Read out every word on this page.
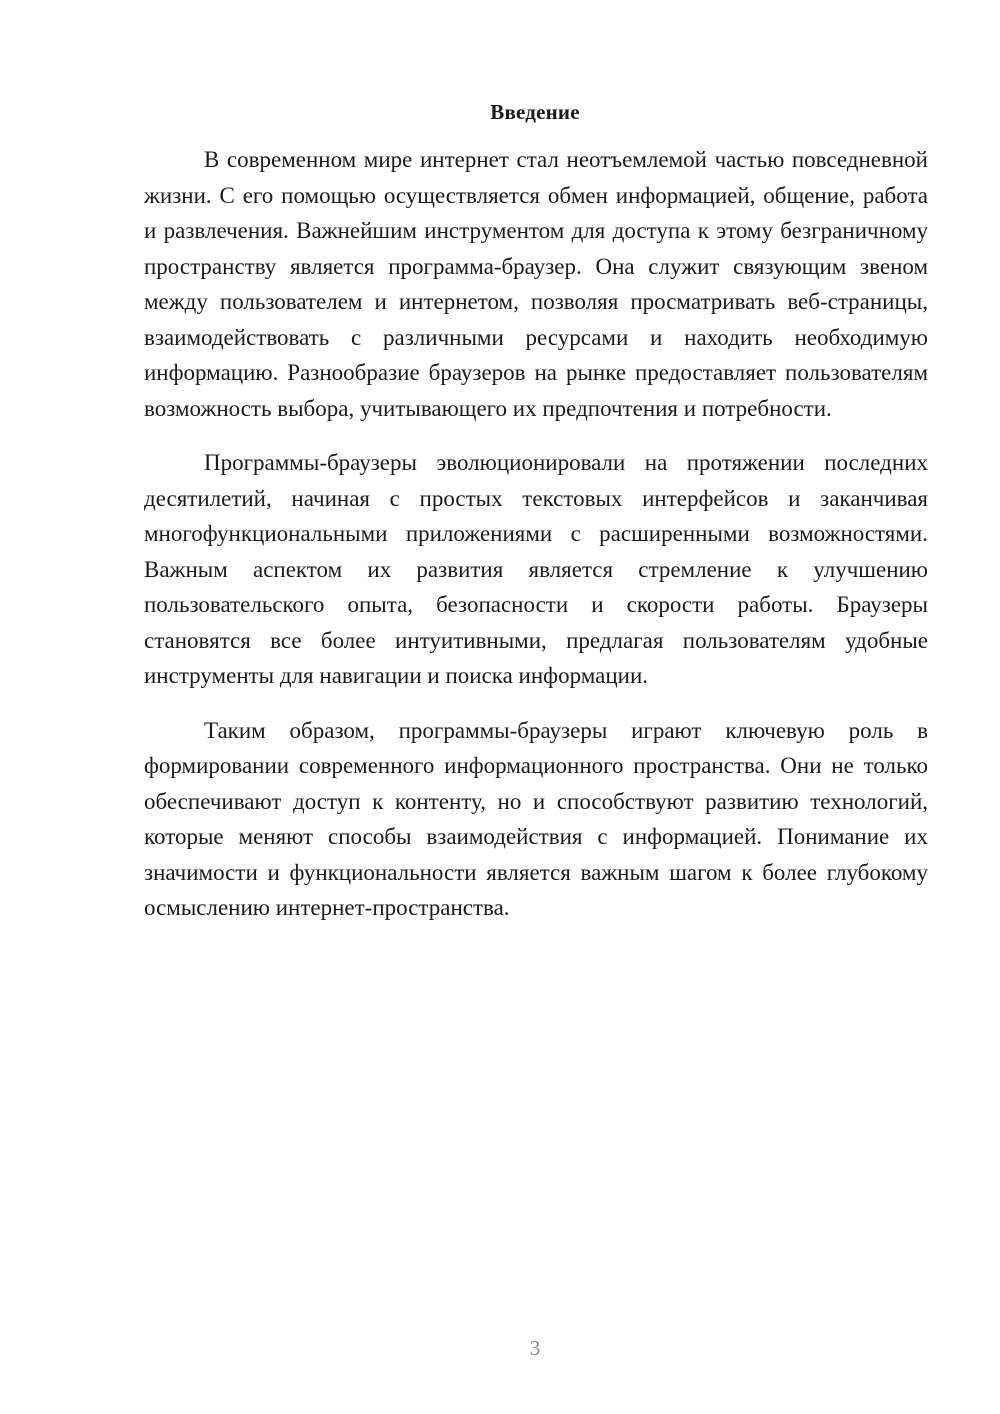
Введение

В современном мире интернет стал неотъемлемой частью повседневной жизни. С его помощью осуществляется обмен информацией, общение, работа и развлечения. Важнейшим инструментом для доступа к этому безграничному пространству является программа-браузер. Она служит связующим звеном между пользователем и интернетом, позволяя просматривать веб-страницы, взаимодействовать с различными ресурсами и находить необходимую информацию. Разнообразие браузеров на рынке предоставляет пользователям возможность выбора, учитывающего их предпочтения и потребности.

Программы-браузеры эволюционировали на протяжении последних десятилетий, начиная с простых текстовых интерфейсов и заканчивая многофункциональными приложениями с расширенными возможностями. Важным аспектом их развития является стремление к улучшению пользовательского опыта, безопасности и скорости работы. Браузеры становятся все более интуитивными, предлагая пользователям удобные инструменты для навигации и поиска информации.

Таким образом, программы-браузеры играют ключевую роль в формировании современного информационного пространства. Они не только обеспечивают доступ к контенту, но и способствуют развитию технологий, которые меняют способы взаимодействия с информацией. Понимание их значимости и функциональности является важным шагом к более глубокому осмыслению интернет-пространства.

3
